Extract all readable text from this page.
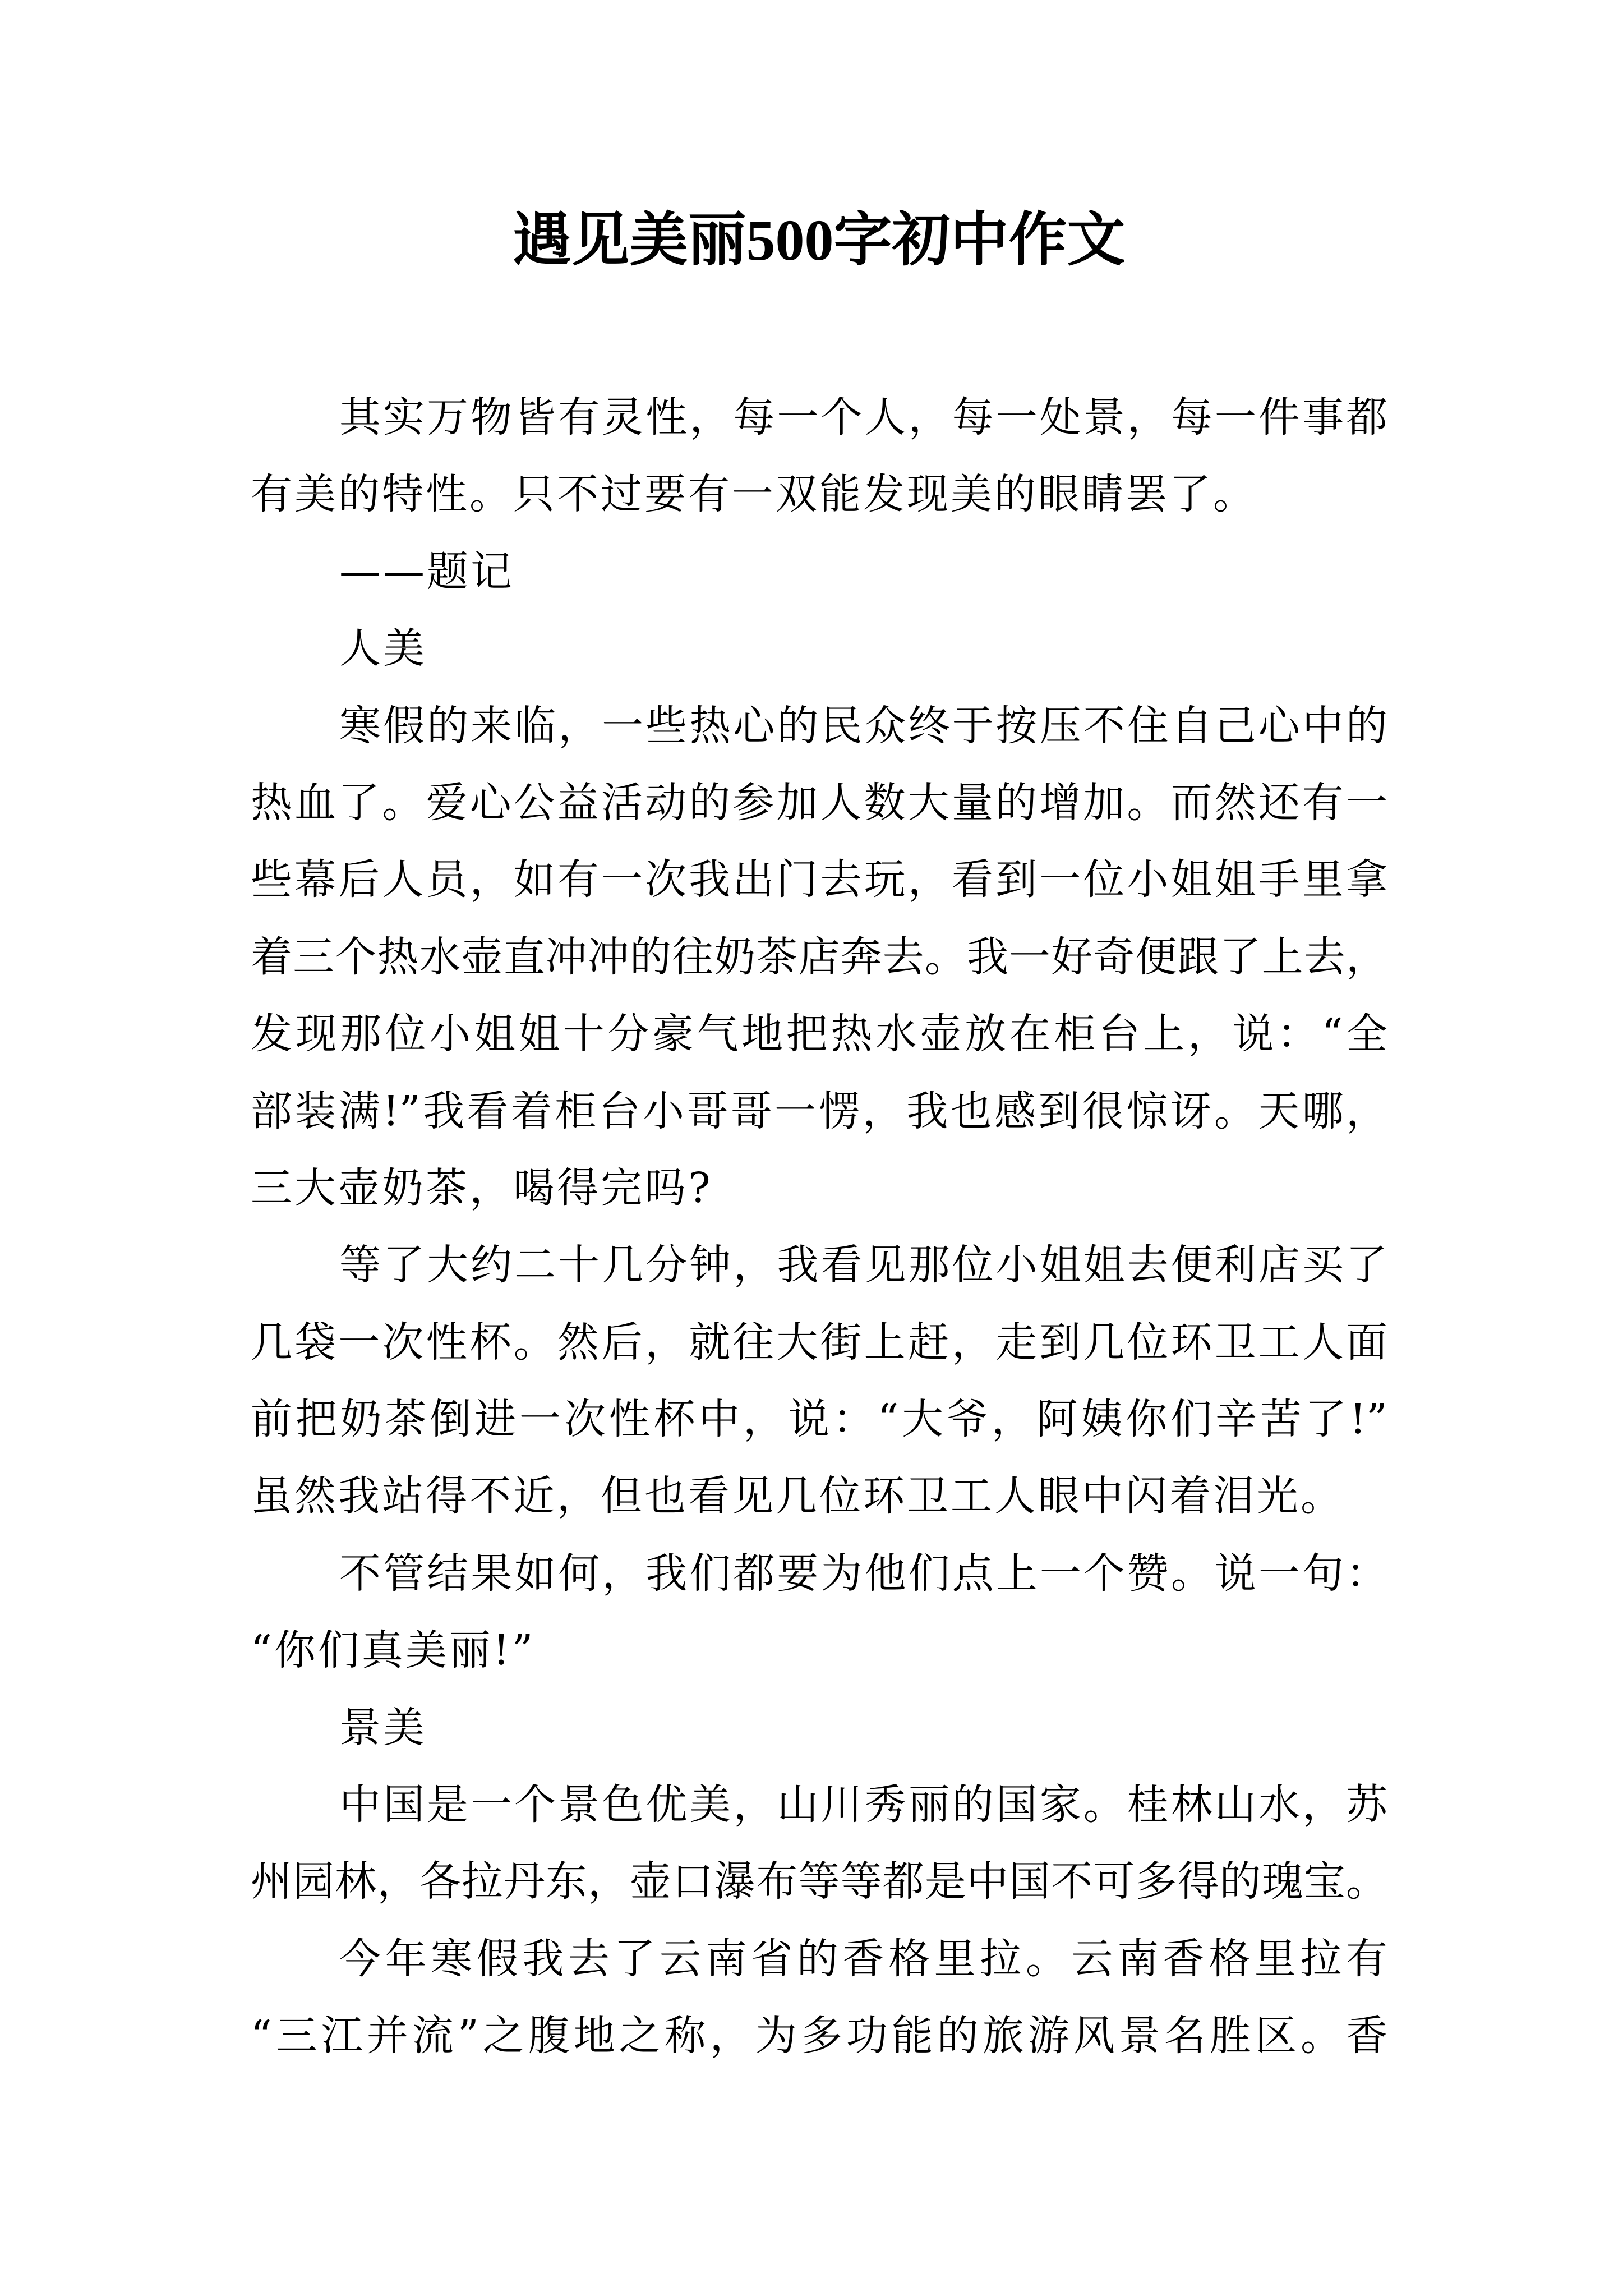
遇见美丽500字初中作文
其实万物皆有灵性，每一个人，每一处景，每一件事都
有美的特性。只不过要有一双能发现美的眼睛罢了。
——题记
人美
寒假的来临，一些热心的民众终于按压不住自己心中的
热血了。爱心公益活动的参加人数大量的增加。而然还有一
些幕后人员，如有一次我出门去玩，看到一位小姐姐手里拿
着三个热水壶直冲冲的往奶茶店奔去。我一好奇便跟了上去，
发现那位小姐姐十分豪气地把热水壶放在柜台上，说：“全
部装满!”我看着柜台小哥哥一愣，我也感到很惊讶。天哪，
三大壶奶茶，喝得完吗?
等了大约二十几分钟，我看见那位小姐姐去便利店买了
几袋一次性杯。然后，就往大街上赶，走到几位环卫工人面
前把奶茶倒进一次性杯中，说：“大爷，阿姨你们辛苦了!”
虽然我站得不近，但也看见几位环卫工人眼中闪着泪光。
不管结果如何，我们都要为他们点上一个赞。说一句：
“你们真美丽!”
景美
中国是一个景色优美，山川秀丽的国家。桂林山水，苏
州园林，各拉丹东，壶口瀑布等等都是中国不可多得的瑰宝。
今年寒假我去了云南省的香格里拉。云南香格里拉有
“三江并流”之腹地之称，为多功能的旅游风景名胜区。香
